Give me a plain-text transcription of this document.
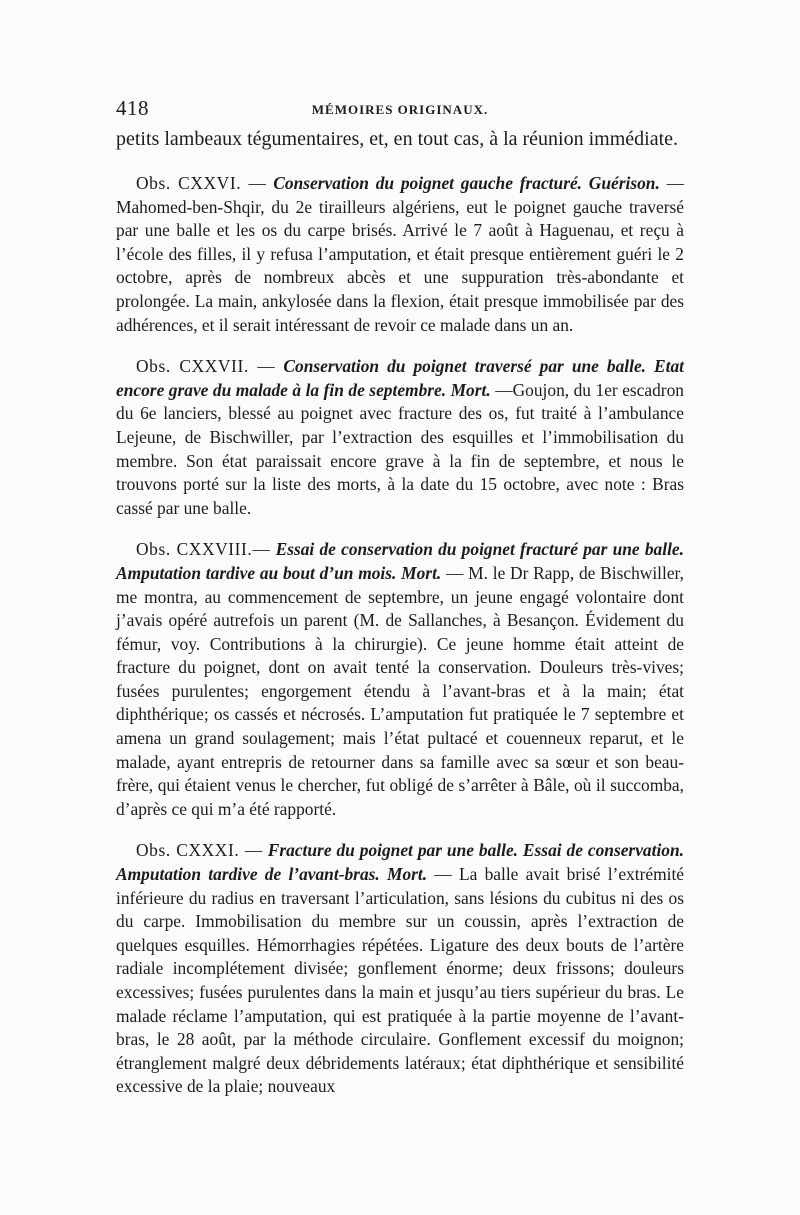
418	MÉMOIRES ORIGINAUX.

petits lambeaux tégumentaires, et, en tout cas, à la réunion immédiate.

Obs. CXXVI. — Conservation du poignet gauche fracturé. Guérison. — Mahomed-ben-Shqir, du 2e tirailleurs algériens, eut le poignet gauche traversé par une balle et les os du carpe brisés. Arrivé le 7 août à Haguenau, et reçu à l’école des filles, il y refusa l’amputation, et était presque entièrement guéri le 2 octobre, après de nombreux abcès et une suppuration très-abondante et prolongée. La main, ankylosée dans la flexion, était presque immobilisée par des adhérences, et il serait intéressant de revoir ce malade dans un an.

Obs. CXXVII. — Conservation du poignet traversé par une balle. Etat encore grave du malade à la fin de septembre. Mort. —Goujon, du 1er escadron du 6e lanciers, blessé au poignet avec fracture des os, fut traité à l’ambulance Lejeune, de Bischwiller, par l’extraction des esquilles et l’immobilisation du membre. Son état paraissait encore grave à la fin de septembre, et nous le trouvons porté sur la liste des morts, à la date du 15 octobre, avec note : Bras cassé par une balle.

Obs. CXXVIII.— Essai de conservation du poignet fracturé par une balle. Amputation tardive au bout d’un mois. Mort. — M. le Dr Rapp, de Bischwiller, me montra, au commencement de septembre, un jeune engagé volontaire dont j’avais opéré autrefois un parent (M. de Sallanches, à Besançon. Évidement du fémur, voy. Contributions à la chirurgie). Ce jeune homme était atteint de fracture du poignet, dont on avait tenté la conservation. Douleurs très-vives; fusées purulentes; engorgement étendu à l’avant-bras et à la main; état diphthérique; os cassés et nécrosés. L’amputation fut pratiquée le 7 septembre et amena un grand soulagement; mais l’état pultacé et couenneux reparut, et le malade, ayant entrepris de retourner dans sa famille avec sa sœur et son beau-frère, qui étaient venus le chercher, fut obligé de s’arrêter à Bâle, où il succomba, d’après ce qui m’a été rapporté.

Obs. CXXXI. — Fracture du poignet par une balle. Essai de conservation. Amputation tardive de l’avant-bras. Mort. — La balle avait brisé l’extrémité inférieure du radius en traversant l’articulation, sans lésions du cubitus ni des os du carpe. Immobilisation du membre sur un coussin, après l’extraction de quelques esquilles. Hémorrhagies répétées. Ligature des deux bouts de l’artère radiale incomplétement divisée; gonflement énorme; deux frissons; douleurs excessives; fusées purulentes dans la main et jusqu’au tiers supérieur du bras. Le malade réclame l’amputation, qui est pratiquée à la partie moyenne de l’avant-bras, le 28 août, par la méthode circulaire. Gonflement excessif du moignon; étranglement malgré deux débridements latéraux; état diphthérique et sensibilité excessive de la plaie; nouveaux
